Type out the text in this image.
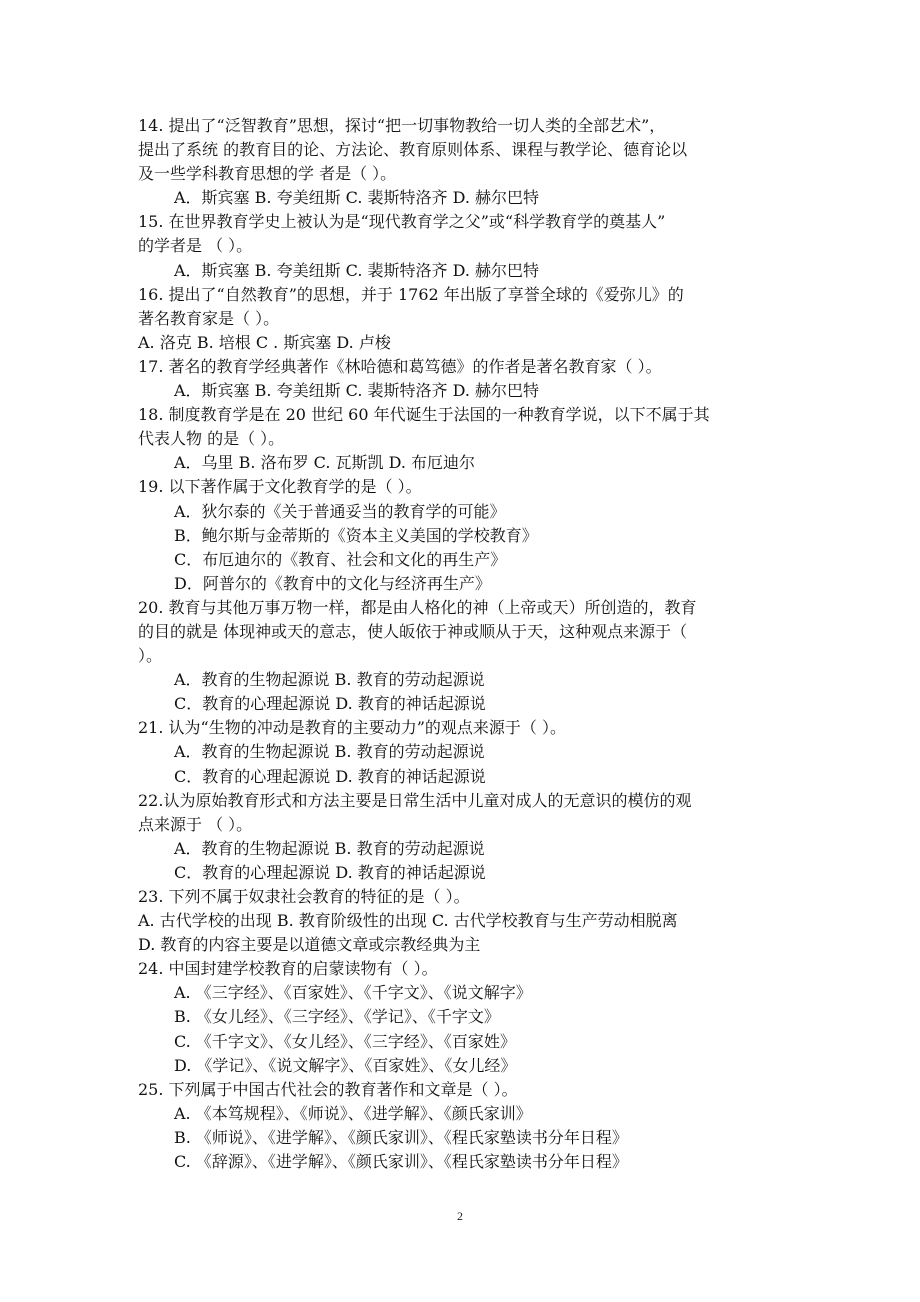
14. 提出了“泛智教育”思想，探讨“把一切事物教给一切人类的全部艺术”，
提出了系统 的教育目的论、方法论、教育原则体系、课程与教学论、德育论以
及一些学科教育思想的学 者是（ ）。
A．斯宾塞 B. 夸美纽斯 C. 裴斯特洛齐 D. 赫尔巴特
15. 在世界教育学史上被认为是“现代教育学之父”或“科学教育学的奠基人”
的学者是 （ ）。
A．斯宾塞 B. 夸美纽斯 C. 裴斯特洛齐 D. 赫尔巴特
16. 提出了“自然教育”的思想，并于 1762 年出版了享誉全球的《爱弥儿》的
著名教育家是（ ）。
A. 洛克 B. 培根 C . 斯宾塞 D. 卢梭
17. 著名的教育学经典著作《林哈德和葛笃德》的作者是著名教育家（ ）。
A．斯宾塞 B. 夸美纽斯 C. 裴斯特洛齐 D. 赫尔巴特
18. 制度教育学是在 20 世纪 60 年代诞生于法国的一种教育学说，以下不属于其
代表人物 的是（ ）。
A．乌里 B. 洛布罗 C. 瓦斯凯 D. 布厄迪尔
19. 以下著作属于文化教育学的是（ ）。
A．狄尔泰的《关于普通妥当的教育学的可能》
B．鲍尔斯与金蒂斯的《资本主义美国的学校教育》
C．布厄迪尔的《教育、社会和文化的再生产》
D．阿普尔的《教育中的文化与经济再生产》
20. 教育与其他万事万物一样，都是由人格化的神（上帝或天）所创造的，教育
的目的就是 体现神或天的意志，使人皈依于神或顺从于天，这种观点来源于（
）。
A．教育的生物起源说 B. 教育的劳动起源说
C．教育的心理起源说 D. 教育的神话起源说
21. 认为“生物的冲动是教育的主要动力”的观点来源于（ ）。
A．教育的生物起源说 B. 教育的劳动起源说
C．教育的心理起源说 D. 教育的神话起源说
22.认为原始教育形式和方法主要是日常生活中儿童对成人的无意识的模仿的观
点来源于 （ ）。
A．教育的生物起源说 B. 教育的劳动起源说
C．教育的心理起源说 D. 教育的神话起源说
23. 下列不属于奴隶社会教育的特征的是（ ）。
A. 古代学校的出现 B. 教育阶级性的出现 C. 古代学校教育与生产劳动相脱离
D. 教育的内容主要是以道德文章或宗教经典为主
24. 中国封建学校教育的启蒙读物有（ ）。
A. 《三字经》、《百家姓》、《千字文》、《说文解字》
B. 《女儿经》、《三字经》、《学记》、《千字文》
C. 《千字文》、《女儿经》、《三字经》、《百家姓》
D. 《学记》、《说文解字》、《百家姓》、《女儿经》
25. 下列属于中国古代社会的教育著作和文章是（ ）。
A. 《本笃规程》、《师说》、《进学解》、《颜氏家训》
B. 《师说》、《进学解》、《颜氏家训》、《程氏家塾读书分年日程》
C. 《辞源》、《进学解》、《颜氏家训》、《程氏家塾读书分年日程》
2
